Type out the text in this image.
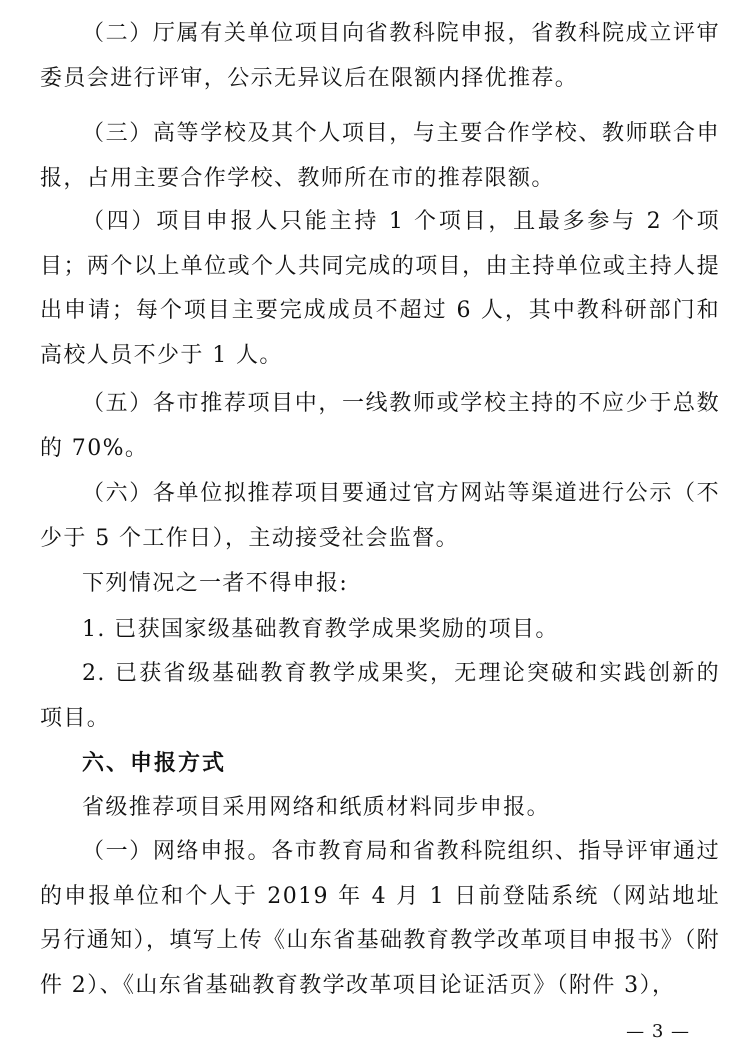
（二）厅属有关单位项目向省教科院申报，省教科院成立评审委员会进行评审，公示无异议后在限额内择优推荐。

（三）高等学校及其个人项目，与主要合作学校、教师联合申报，占用主要合作学校、教师所在市的推荐限额。

（四）项目申报人只能主持 1 个项目，且最多参与 2 个项目；两个以上单位或个人共同完成的项目，由主持单位或主持人提出申请；每个项目主要完成成员不超过 6 人，其中教科研部门和高校人员不少于 1 人。

（五）各市推荐项目中，一线教师或学校主持的不应少于总数的 70%。

（六）各单位拟推荐项目要通过官方网站等渠道进行公示（不少于 5 个工作日），主动接受社会监督。

下列情况之一者不得申报:

1. 已获国家级基础教育教学成果奖励的项目。

2. 已获省级基础教育教学成果奖，无理论突破和实践创新的项目。

六、申报方式

省级推荐项目采用网络和纸质材料同步申报。

（一）网络申报。各市教育局和省教科院组织、指导评审通过的申报单位和个人于 2019 年 4 月 1 日前登陆系统（网站地址另行通知），填写上传《山东省基础教育教学改革项目申报书》（附件 2）、《山东省基础教育教学改革项目论证活页》（附件 3），

— 3 —
